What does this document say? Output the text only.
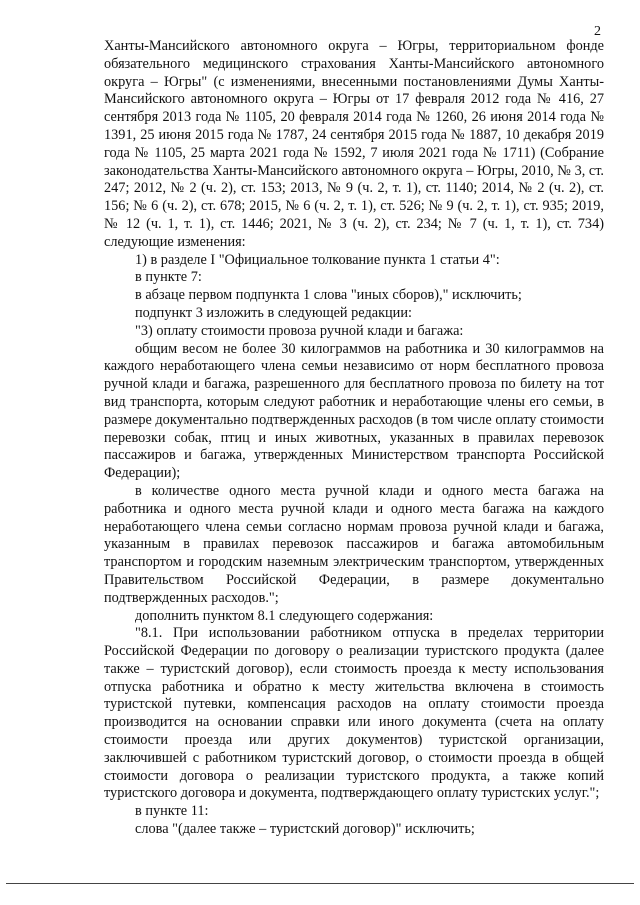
2

Ханты-Мансийского автономного округа – Югры, территориальном фонде обязательного медицинского страхования Ханты-Мансийского автономного округа – Югры" (с изменениями, внесенными постановлениями Думы Ханты-Мансийского автономного округа – Югры от 17 февраля 2012 года № 416, 27 сентября 2013 года № 1105, 20 февраля 2014 года № 1260, 26 июня 2014 года № 1391, 25 июня 2015 года № 1787, 24 сентября 2015 года № 1887, 10 декабря 2019 года № 1105, 25 марта 2021 года № 1592, 7 июля 2021 года № 1711) (Собрание законодательства Ханты-Мансийского автономного округа – Югры, 2010, № 3, ст. 247; 2012, № 2 (ч. 2), ст. 153; 2013, № 9 (ч. 2, т. 1), ст. 1140; 2014, № 2 (ч. 2), ст. 156; № 6 (ч. 2), ст. 678; 2015, № 6 (ч. 2, т. 1), ст. 526; № 9 (ч. 2, т. 1), ст. 935; 2019, № 12 (ч. 1, т. 1), ст. 1446; 2021, № 3 (ч. 2), ст. 234; № 7 (ч. 1, т. 1), ст. 734) следующие изменения:

1) в разделе I "Официальное толкование пункта 1 статьи 4":

в пункте 7:

в абзаце первом подпункта 1 слова "иных сборов)," исключить;

подпункт 3 изложить в следующей редакции:

"3) оплату стоимости провоза ручной клади и багажа:

общим весом не более 30 килограммов на работника и 30 килограммов на каждого неработающего члена семьи независимо от норм бесплатного провоза ручной клади и багажа, разрешенного для бесплатного провоза по билету на тот вид транспорта, которым следуют работник и неработающие члены его семьи, в размере документально подтвержденных расходов (в том числе оплату стоимости перевозки собак, птиц и иных животных, указанных в правилах перевозок пассажиров и багажа, утвержденных Министерством транспорта Российской Федерации);

в количестве одного места ручной клади и одного места багажа на работника и одного места ручной клади и одного места багажа на каждого неработающего члена семьи согласно нормам провоза ручной клади и багажа, указанным в правилах перевозок пассажиров и багажа автомобильным транспортом и городским наземным электрическим транспортом, утвержденных Правительством Российской Федерации, в размере документально подтвержденных расходов.";

дополнить пунктом 8.1 следующего содержания:

"8.1. При использовании работником отпуска в пределах территории Российской Федерации по договору о реализации туристского продукта (далее также – туристский договор), если стоимость проезда к месту использования отпуска работника и обратно к месту жительства включена в стоимость туристской путевки, компенсация расходов на оплату стоимости проезда производится на основании справки или иного документа (счета на оплату стоимости проезда или других документов) туристской организации, заключившей с работником туристский договор, о стоимости проезда в общей стоимости договора о реализации туристского продукта, а также копий туристского договора и документа, подтверждающего оплату туристских услуг.";

в пункте 11:

слова "(далее также – туристский договор)" исключить;
